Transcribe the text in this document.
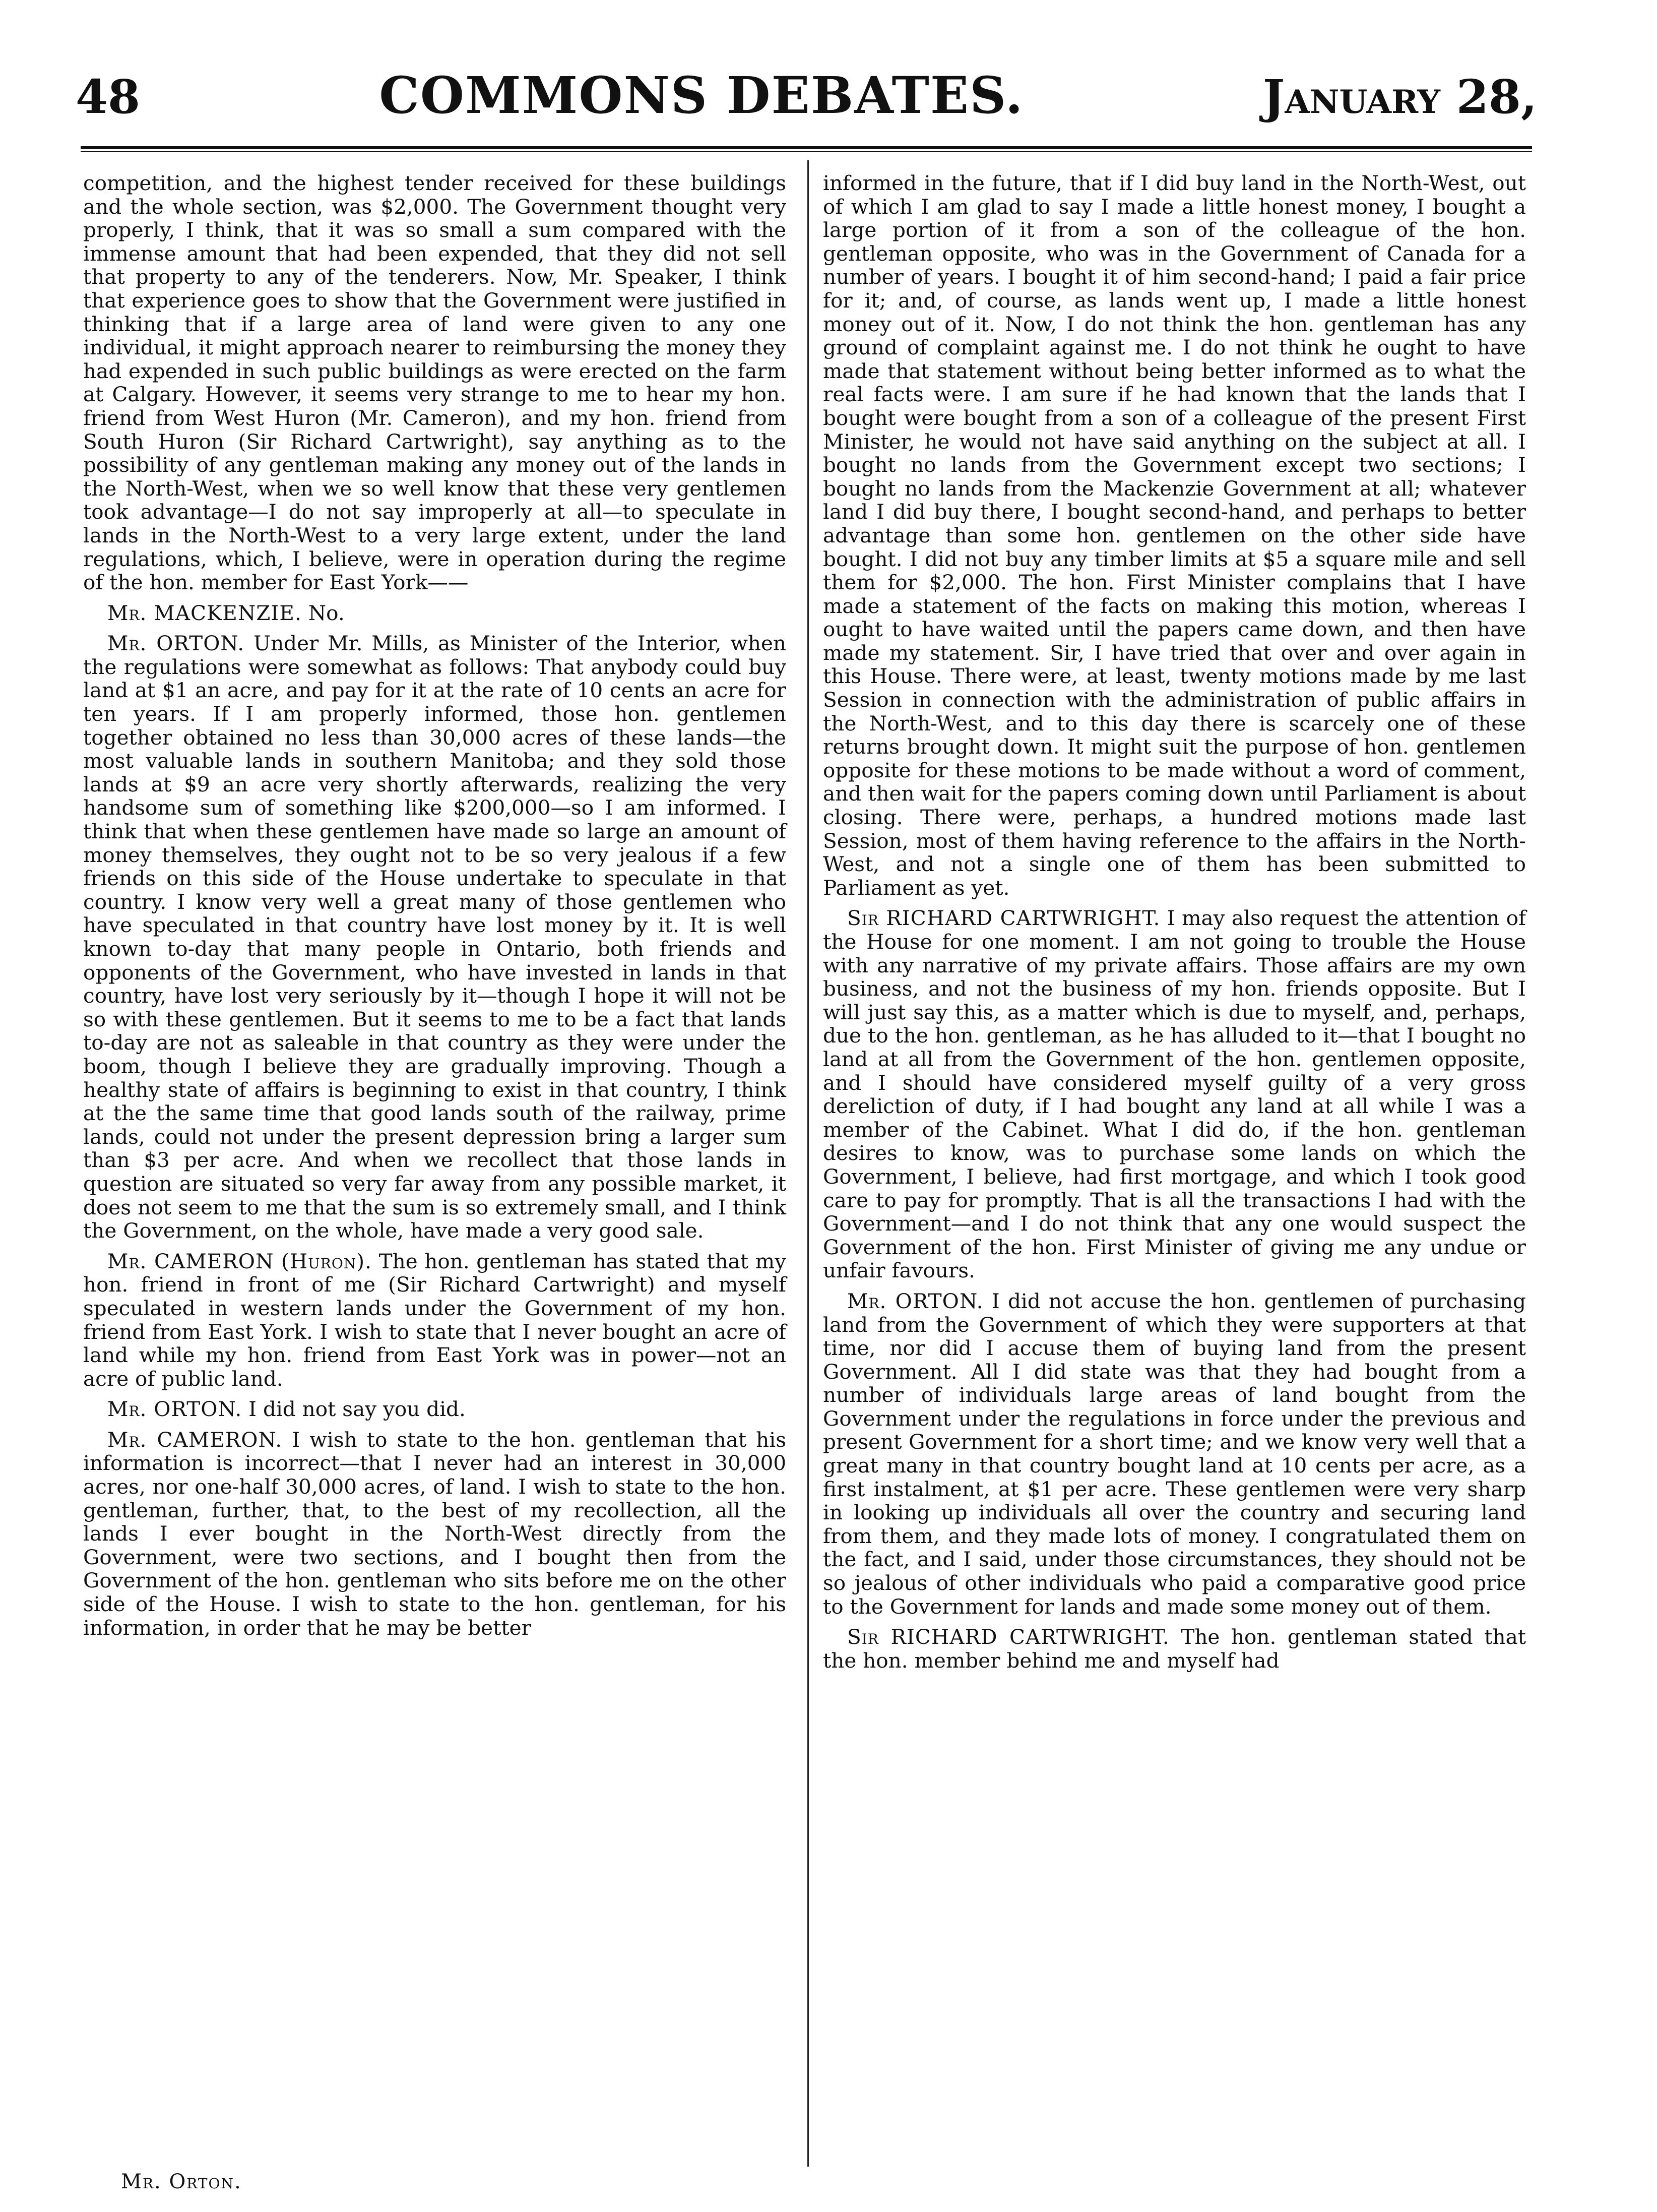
48	COMMONS DEBATES.	January 28,

competition, and the highest tender received for these buildings and the whole section, was $2,000. The Government thought very properly, I think, that it was so small a sum compared with the immense amount that had been expended, that they did not sell that property to any of the tenderers. Now, Mr. Speaker, I think that experience goes to show that the Government were justified in thinking that if a large area of land were given to any one individual, it might approach nearer to reimbursing the money they had expended in such public buildings as were erected on the farm at Calgary. However, it seems very strange to me to hear my hon. friend from West Huron (Mr. Cameron), and my hon. friend from South Huron (Sir Richard Cartwright), say anything as to the possibility of any gentleman making any money out of the lands in the North-West, when we so well know that these very gentlemen took advantage—I do not say improperly at all—to speculate in lands in the North-West to a very large extent, under the land regulations, which, I believe, were in operation during the regime of the hon. member for East York——

Mr. MACKENZIE. No.

Mr. ORTON. Under Mr. Mills, as Minister of the Interior, when the regulations were somewhat as follows: That anybody could buy land at $1 an acre, and pay for it at the rate of 10 cents an acre for ten years. If I am properly informed, those hon. gentlemen together obtained no less than 30,000 acres of these lands—the most valuable lands in southern Manitoba; and they sold those lands at $9 an acre very shortly afterwards, realizing the very handsome sum of something like $200,000—so I am informed. I think that when these gentlemen have made so large an amount of money themselves, they ought not to be so very jealous if a few friends on this side of the House undertake to speculate in that country. I know very well a great many of those gentlemen who have speculated in that country have lost money by it. It is well known to-day that many people in Ontario, both friends and opponents of the Government, who have invested in lands in that country, have lost very seriously by it—though I hope it will not be so with these gentlemen. But it seems to me to be a fact that lands to-day are not as saleable in that country as they were under the boom, though I believe they are gradually improving. Though a healthy state of affairs is beginning to exist in that country, I think at the the same time that good lands south of the railway, prime lands, could not under the present depression bring a larger sum than $3 per acre. And when we recollect that those lands in question are situated so very far away from any possible market, it does not seem to me that the sum is so extremely small, and I think the Government, on the whole, have made a very good sale.

Mr. CAMERON (Huron). The hon. gentleman has stated that my hon. friend in front of me (Sir Richard Cartwright) and myself speculated in western lands under the Government of my hon. friend from East York. I wish to state that I never bought an acre of land while my hon. friend from East York was in power—not an acre of public land.

Mr. ORTON. I did not say you did.

Mr. CAMERON. I wish to state to the hon. gentleman that his information is incorrect—that I never had an interest in 30,000 acres, nor one-half 30,000 acres, of land. I wish to state to the hon. gentleman, further, that, to the best of my recollection, all the lands I ever bought in the North-West directly from the Government, were two sections, and I bought then from the Government of the hon. gentleman who sits before me on the other side of the House. I wish to state to the hon. gentleman, for his information, in order that he may be better

informed in the future, that if I did buy land in the North-West, out of which I am glad to say I made a little honest money, I bought a large portion of it from a son of the colleague of the hon. gentleman opposite, who was in the Government of Canada for a number of years. I bought it of him second-hand; I paid a fair price for it; and, of course, as lands went up, I made a little honest money out of it. Now, I do not think the hon. gentleman has any ground of complaint against me. I do not think he ought to have made that statement without being better informed as to what the real facts were. I am sure if he had known that the lands that I bought were bought from a son of a colleague of the present First Minister, he would not have said anything on the subject at all. I bought no lands from the Government except two sections; I bought no lands from the Mackenzie Government at all; whatever land I did buy there, I bought second-hand, and perhaps to better advantage than some hon. gentlemen on the other side have bought. I did not buy any timber limits at $5 a square mile and sell them for $2,000. The hon. First Minister complains that I have made a statement of the facts on making this motion, whereas I ought to have waited until the papers came down, and then have made my statement. Sir, I have tried that over and over again in this House. There were, at least, twenty motions made by me last Session in connection with the administration of public affairs in the North-West, and to this day there is scarcely one of these returns brought down. It might suit the purpose of hon. gentlemen opposite for these motions to be made without a word of comment, and then wait for the papers coming down until Parliament is about closing. There were, perhaps, a hundred motions made last Session, most of them having reference to the affairs in the North-West, and not a single one of them has been submitted to Parliament as yet.

Sir RICHARD CARTWRIGHT. I may also request the attention of the House for one moment. I am not going to trouble the House with any narrative of my private affairs. Those affairs are my own business, and not the business of my hon. friends opposite. But I will just say this, as a matter which is due to myself, and, perhaps, due to the hon. gentleman, as he has alluded to it—that I bought no land at all from the Government of the hon. gentlemen opposite, and I should have considered myself guilty of a very gross dereliction of duty, if I had bought any land at all while I was a member of the Cabinet. What I did do, if the hon. gentleman desires to know, was to purchase some lands on which the Government, I believe, had first mortgage, and which I took good care to pay for promptly. That is all the transactions I had with the Government—and I do not think that any one would suspect the Government of the hon. First Minister of giving me any undue or unfair favours.

Mr. ORTON. I did not accuse the hon. gentlemen of purchasing land from the Government of which they were supporters at that time, nor did I accuse them of buying land from the present Government. All I did state was that they had bought from a number of individuals large areas of land bought from the Government under the regulations in force under the previous and present Government for a short time; and we know very well that a great many in that country bought land at 10 cents per acre, as a first instalment, at $1 per acre. These gentlemen were very sharp in looking up individuals all over the country and securing land from them, and they made lots of money. I congratulated them on the fact, and I said, under those circumstances, they should not be so jealous of other individuals who paid a comparative good price to the Government for lands and made some money out of them.

Sir RICHARD CARTWRIGHT. The hon. gentleman stated that the hon. member behind me and myself had

Mr. Orton.
